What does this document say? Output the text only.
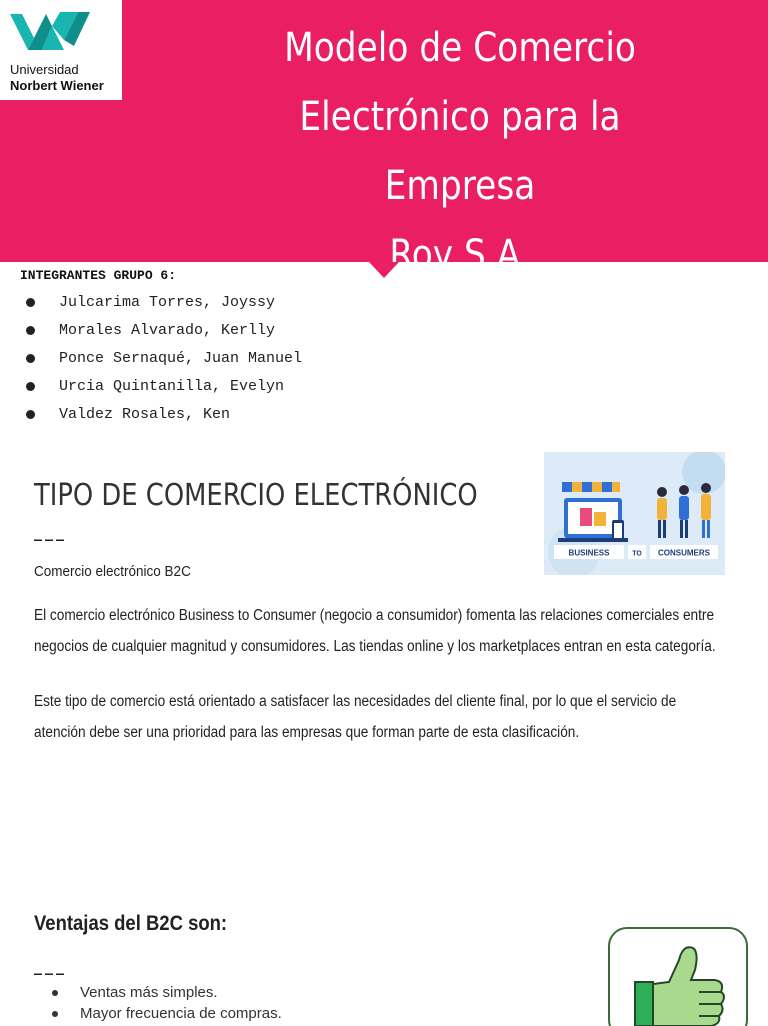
Universidad
Norbert Wiener
Modelo de Comercio
Electrónico para la Empresa
Roy S.A.
INTEGRANTES GRUPO 6:
Julcarima Torres, Joyssy
Morales Alvarado, Kerlly
Ponce Sernaqué, Juan Manuel
Urcia Quintanilla, Evelyn
Valdez Rosales, Ken
TIPO DE COMERCIO ELECTRÓNICO
___
BUSINESS	TO CONSUMERS
Comercio electrónico B2C

El comercio electrónico Business to Consumer (negocio a consumidor) fomenta las relaciones comerciales entre
negocios de cualquier magnitud y consumidores. Las tiendas online y los marketplaces entran en esta categoría.

Este tipo de comercio está orientado a satisfacer las necesidades del cliente final, por lo que el servicio de
atención debe ser una prioridad para las empresas que forman parte de esta clasificación.

Ventajas del B2C son:
___
Ventas más simples.
Mayor frecuencia de compras.
